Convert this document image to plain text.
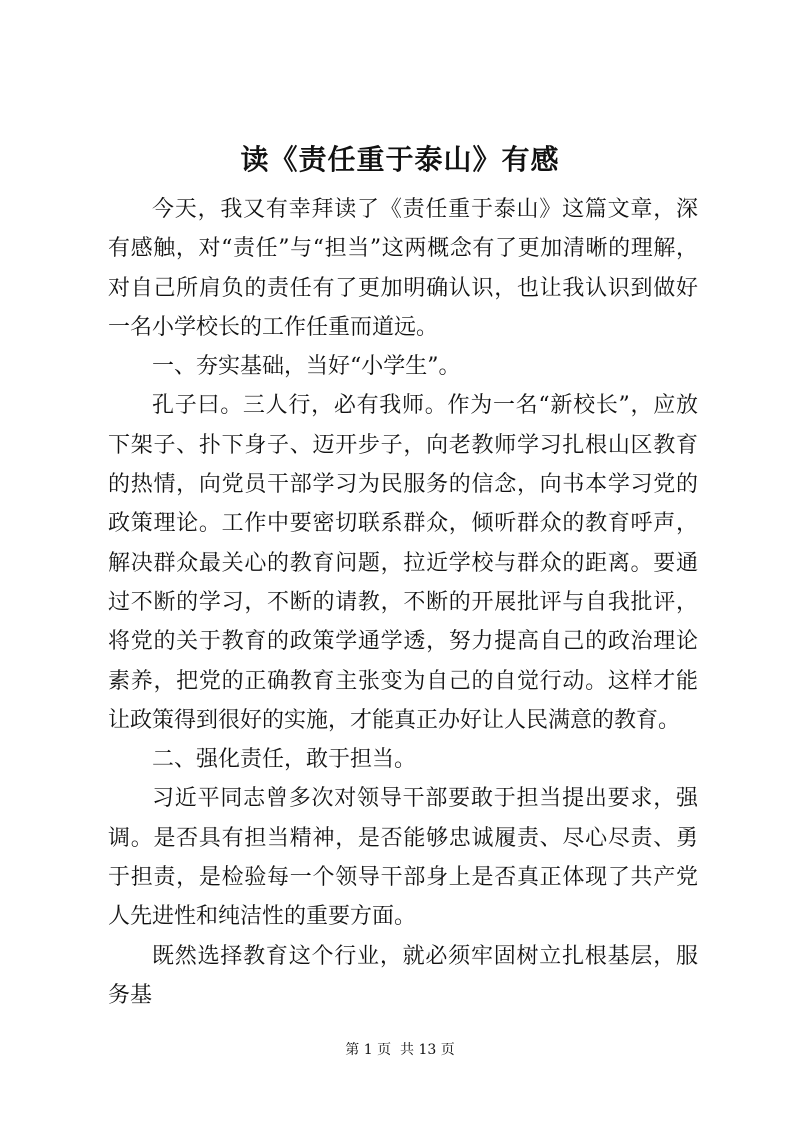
读《责任重于泰山》有感

今天，我又有幸拜读了《责任重于泰山》这篇文章，深有感触，对“责任”与“担当”这两概念有了更加清晰的理解，对自己所肩负的责任有了更加明确认识，也让我认识到做好一名小学校长的工作任重而道远。

一、夯实基础，当好“小学生”。

孔子曰。三人行，必有我师。作为一名“新校长”，应放下架子、扑下身子、迈开步子，向老教师学习扎根山区教育的热情，向党员干部学习为民服务的信念，向书本学习党的政策理论。工作中要密切联系群众，倾听群众的教育呼声，解决群众最关心的教育问题，拉近学校与群众的距离。要通过不断的学习，不断的请教，不断的开展批评与自我批评，将党的关于教育的政策学通学透，努力提高自己的政治理论素养，把党的正确教育主张变为自己的自觉行动。这样才能让政策得到很好的实施，才能真正办好让人民满意的教育。

二、强化责任，敢于担当。

习近平同志曾多次对领导干部要敢于担当提出要求，强调。是否具有担当精神，是否能够忠诚履责、尽心尽责、勇于担责，是检验每一个领导干部身上是否真正体现了共产党人先进性和纯洁性的重要方面。

既然选择教育这个行业，就必须牢固树立扎根基层，服务基

第 1 页  共 13 页
